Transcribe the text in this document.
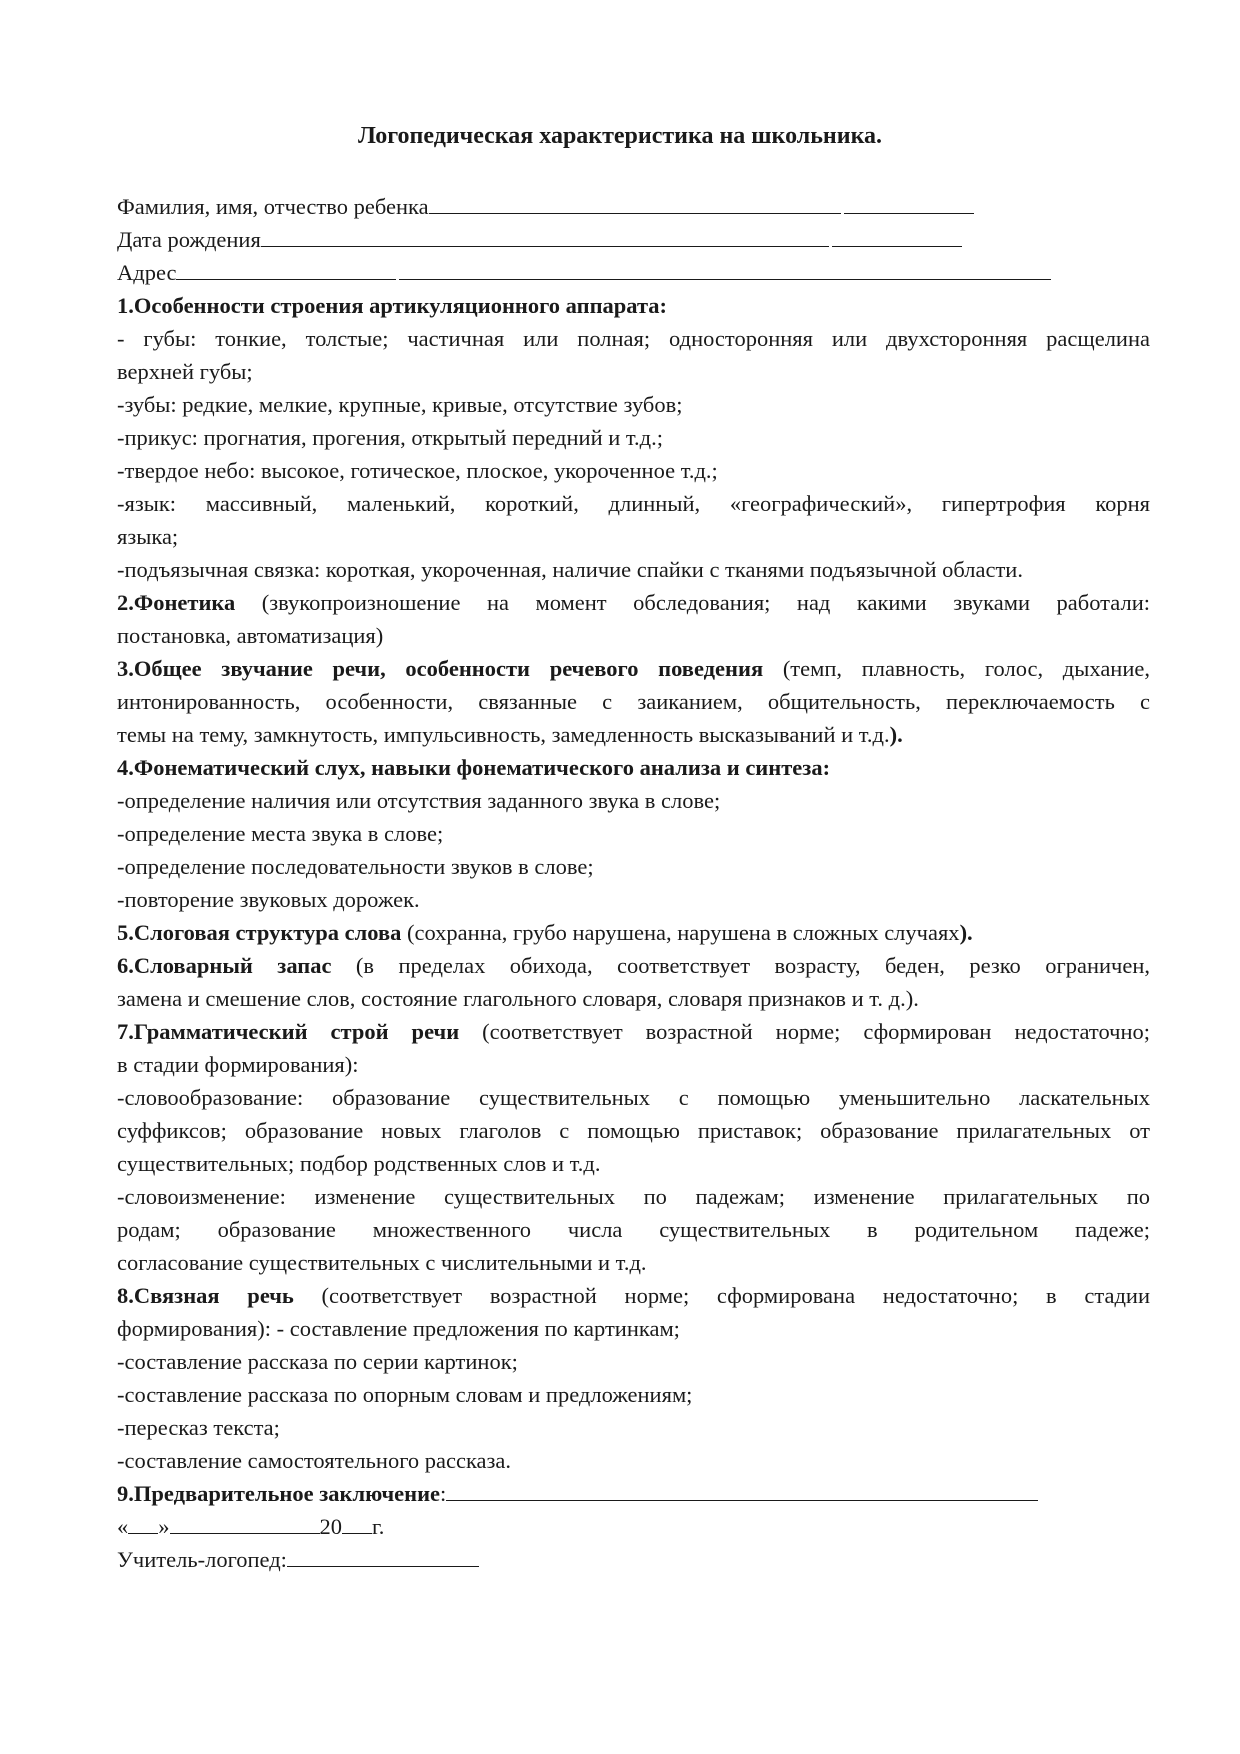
Логопедическая характеристика на школьника.
Фамилия, имя, отчество ребенка
Дата рождения
Адрес
1.Особенности строения артикуляционного аппарата:
- губы: тонкие, толстые; частичная или полная; односторонняя или двухсторонняя расщелина
верхней губы;
-зубы: редкие, мелкие, крупные, кривые, отсутствие зубов;
-прикус: прогнатия, прогения, открытый передний и т.д.;
-твердое небо: высокое, готическое, плоское, укороченное т.д.;
-язык: массивный, маленький, короткий, длинный, «географический», гипертрофия корня
языка;
-подъязычная связка: короткая, укороченная, наличие спайки с тканями подъязычной области.
2.Фонетика (звукопроизношение на момент обследования; над какими звуками работали:
постановка, автоматизация)
3.Общее звучание речи, особенности речевого поведения (темп, плавность, голос, дыхание,
интонированность, особенности, связанные с заиканием, общительность, переключаемость с
темы на тему, замкнутость, импульсивность, замедленность высказываний и т.д.).
4.Фонематический слух, навыки фонематического анализа и синтеза:
-определение наличия или отсутствия заданного звука в слове;
-определение места звука в слове;
-определение последовательности звуков в слове;
-повторение звуковых дорожек.
5.Слоговая структура слова (сохранна, грубо нарушена, нарушена в сложных случаях).
6.Словарный запас (в пределах обихода, соответствует возрасту, беден, резко ограничен,
замена и смешение слов, состояние глагольного словаря, словаря признаков и т. д.).
7.Грамматический строй речи (соответствует возрастной норме; сформирован недостаточно;
в стадии формирования):
-словообразование: образование существительных с помощью уменьшительно ласкательных
суффиксов; образование новых глаголов с помощью приставок; образование прилагательных от
существительных; подбор родственных слов и т.д.
-словоизменение: изменение существительных по падежам; изменение прилагательных по
родам; образование множественного числа существительных в родительном падеже;
согласование существительных с числительными и т.д.
8.Связная речь (соответствует возрастной норме; сформирована недостаточно; в стадии
формирования): - составление предложения по картинкам;
-составление рассказа по серии картинок;
-составление рассказа по опорным словам и предложениям;
-пересказ текста;
-составление самостоятельного рассказа.
9.Предварительное заключение:
« »	20 г.
Учитель-логопед:
